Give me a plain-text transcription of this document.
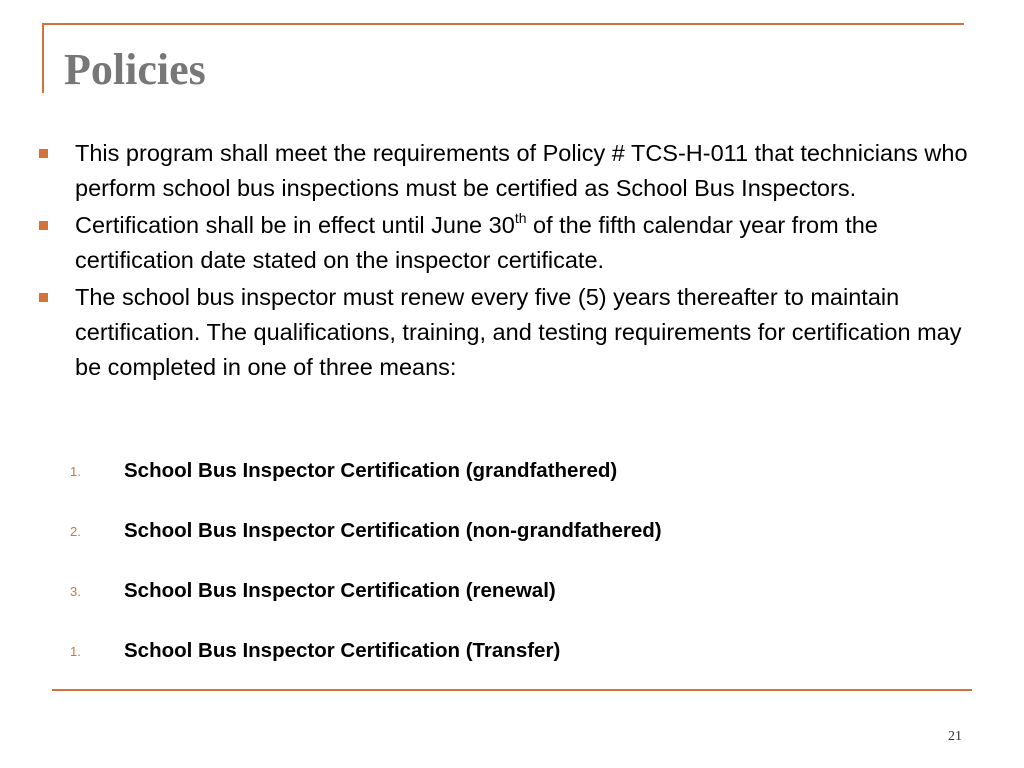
Policies
This program shall meet the requirements of Policy # TCS-H-011 that technicians who perform school bus inspections must be certified as School Bus Inspectors.
Certification shall be in effect until June 30th of the fifth calendar year from the certification date stated on the inspector certificate.
The school bus inspector must renew every five (5) years thereafter to maintain certification. The qualifications, training, and testing requirements for certification may be completed in one of three means:
1. School Bus Inspector Certification (grandfathered)
2. School Bus Inspector Certification (non-grandfathered)
3. School Bus Inspector Certification (renewal)
1. School Bus Inspector Certification (Transfer)
21
